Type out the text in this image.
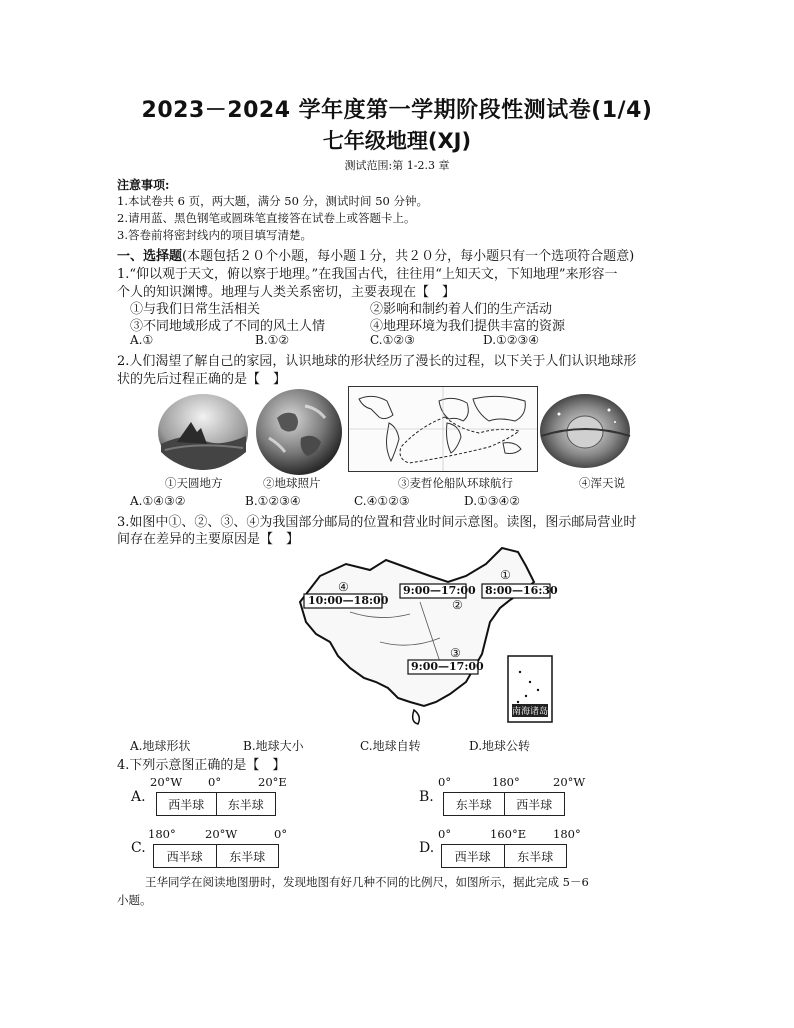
2023－2024 学年度第一学期阶段性测试卷(1/4)
七年级地理(XJ)
测试范围:第 1-2.3 章
注意事项:
1.本试卷共 6 页，两大题，满分 50 分，测试时间 50 分钟。
2.请用蓝、黑色钢笔或圆珠笔直接答在试卷上或答题卡上。
3.答卷前将密封线内的项目填写清楚。
一、选择题(本题包括２０个小题，每小题１分，共２０分，每小题只有一个选项符合题意)
1.“仰以观于天文，俯以察于地理。”在我国古代，往往用“上知天文，下知地理”来形容一
个人的知识渊博。地理与人类关系密切，主要表现在【　】
①与我们日常生活相关	②影响和制约着人们的生产活动
③不同地域形成了不同的风土人情	④地理环境为我们提供丰富的资源
A.①	B.①②	C.①②③	D.①②③④
2.人们渴望了解自己的家园，认识地球的形状经历了漫长的过程，以下关于人们认识地球形
状的先后过程正确的是【　】
①天圆地方	②地球照片	③麦哲伦船队环球航行	④浑天说
A.①④③②	B.①②③④	C.④①②③	D.①③④②
3.如图中①、②、③、④为我国部分邮局的位置和营业时间示意图。读图，图示邮局营业时
间存在差异的主要原因是【　】
④
10:00—18:00	②
9:00—17:00
①
8:00—16:30
③
9:00—17:00
南海诸岛
A.地球形状	B.地球大小	C.地球自转	D.地球公转
4.下列示意图正确的是【　】
A.
20°W 0°	20°E
西半球	东半球	B.
0°	180°	20°W
东半球	西半球
C.
180°	20°W	0°
西半球	东半球
D.
0°	160°E 180°
西半球	东半球
王华同学在阅读地图册时，发现地图有好几种不同的比例尺，如图所示，据此完成 5－6
小题。
